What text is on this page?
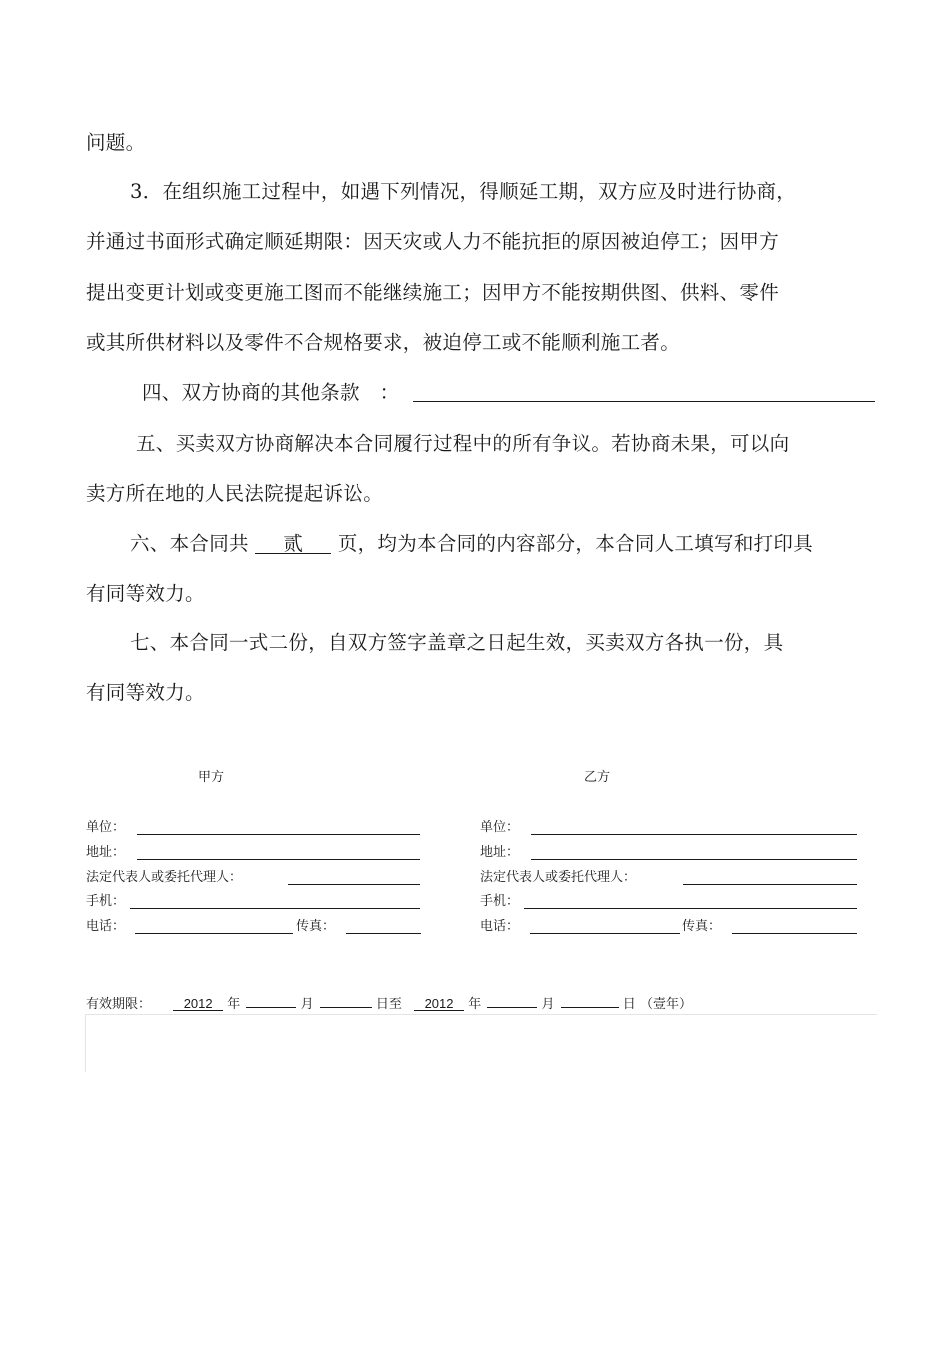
问题。
3．在组织施工过程中，如遇下列情况，得顺延工期，双方应及时进行协商，
并通过书面形式确定顺延期限：因天灾或人力不能抗拒的原因被迫停工；因甲方
提出变更计划或变更施工图而不能继续施工；因甲方不能按期供图、供料、零件
或其所供材料以及零件不合规格要求，被迫停工或不能顺利施工者。
四、双方协商的其他条款　：
五、买卖双方协商解决本合同履行过程中的所有争议。若协商未果，可以向
卖方所在地的人民法院提起诉讼。
六、本合同共 贰 页，均为本合同的内容部分，本合同人工填写和打印具
有同等效力。
七、本合同一式二份，自双方签字盖章之日起生效，买卖双方各执一份，具
有同等效力。
甲方
单位：
地址：
法定代表人或委托代理人：
手机：
电话：	传真：
乙方
单位：
地址：
法定代表人或委托代理人：
手机：
电话：	传真：
有效期限：	2012 年	月	日至 2012 年	月	日 （壹年）
